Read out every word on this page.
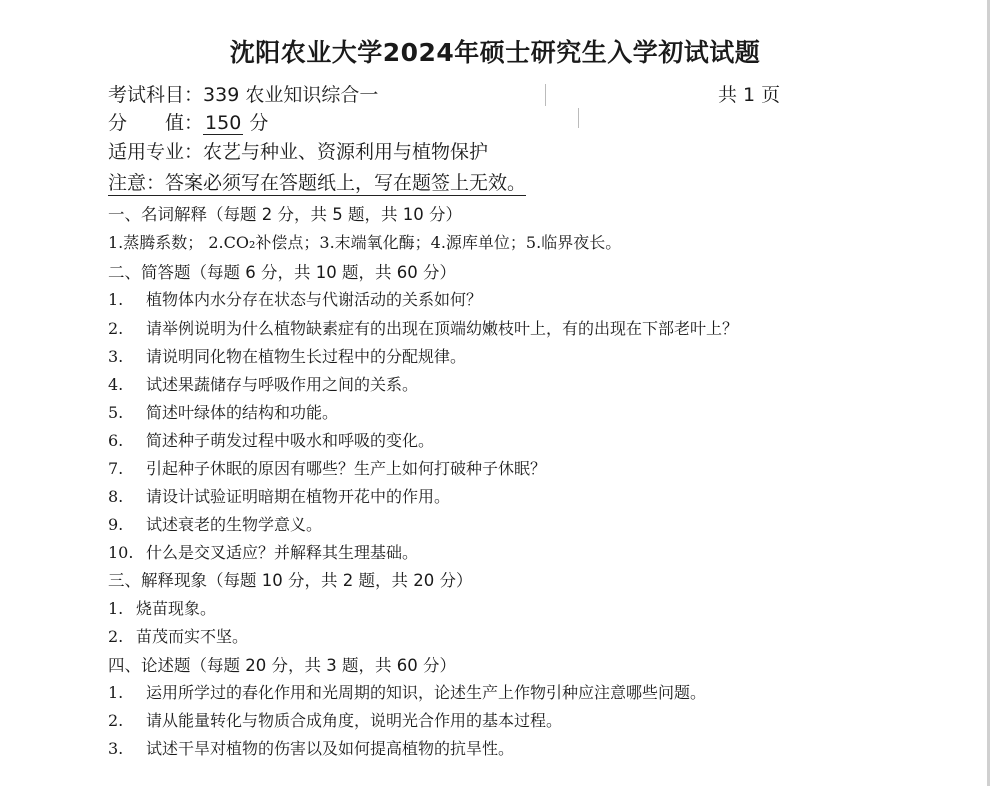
沈阳农业大学2024年硕士研究生入学初试试题
考试科目：339 农业知识综合一	共 1 页
分　　值： 150 分
适用专业：农艺与种业、资源利用与植物保护
注意：答案必须写在答题纸上，写在题签上无效。
一、名词解释（每题 2 分，共 5 题，共 10 分）
1.蒸腾系数； 2.CO₂补偿点；3.末端氧化酶；4.源库单位；5.临界夜长。
二、简答题（每题 6 分，共 10 题，共 60 分）
1. 植物体内水分存在状态与代谢活动的关系如何？
2. 请举例说明为什么植物缺素症有的出现在顶端幼嫩枝叶上，有的出现在下部老叶上？
3. 请说明同化物在植物生长过程中的分配规律。
4. 试述果蔬储存与呼吸作用之间的关系。
5. 简述叶绿体的结构和功能。
6. 简述种子萌发过程中吸水和呼吸的变化。
7. 引起种子休眠的原因有哪些？生产上如何打破种子休眠？
8. 请设计试验证明暗期在植物开花中的作用。
9. 试述衰老的生物学意义。
10. 什么是交叉适应？并解释其生理基础。
三、解释现象（每题 10 分，共 2 题，共 20 分）
1. 烧苗现象。
2. 苗茂而实不坚。
四、论述题（每题 20 分，共 3 题，共 60 分）
1. 运用所学过的春化作用和光周期的知识，论述生产上作物引种应注意哪些问题。
2. 请从能量转化与物质合成角度，说明光合作用的基本过程。
3. 试述干旱对植物的伤害以及如何提高植物的抗旱性。
